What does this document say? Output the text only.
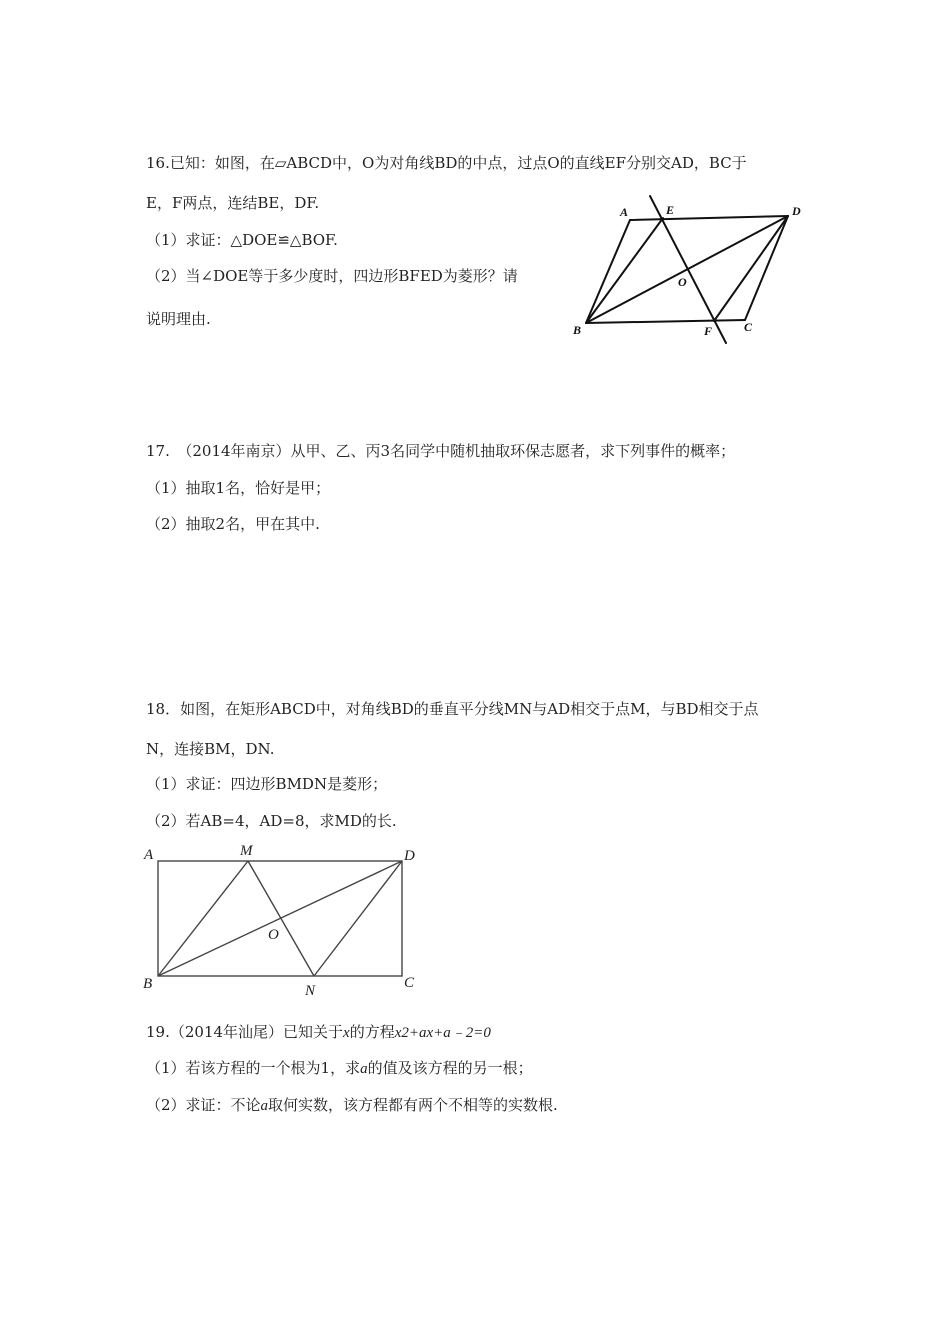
16.已知：如图，在▱ABCD中，O为对角线BD的中点，过点O的直线EF分别交AD，BC于
E，F两点，连结BE，DF.
（1）求证：△DOE≌△BOF.
（2）当∠DOE等于多少度时，四边形BFED为菱形？请
说明理由.
A	E	D
O
B	F	C
17.　（2014年南京）从甲、乙、丙3名同学中随机抽取环保志愿者，求下列事件的概率；
（1）抽取1名，恰好是甲；
（2）抽取2名，甲在其中.
18．如图，在矩形ABCD中，对角线BD的垂直平分线MN与AD相交于点M，与BD相交于点
N，连接BM，DN.
（1）求证：四边形BMDN是菱形；
（2）若AB=4，AD=8，求MD的长.
A	M	D
O
B	N	C
19.（2014年汕尾）已知关于x的方程x2+ax+a﹣2=0
（1）若该方程的一个根为1，求a的值及该方程的另一根；
（2）求证：不论a取何实数，该方程都有两个不相等的实数根.
